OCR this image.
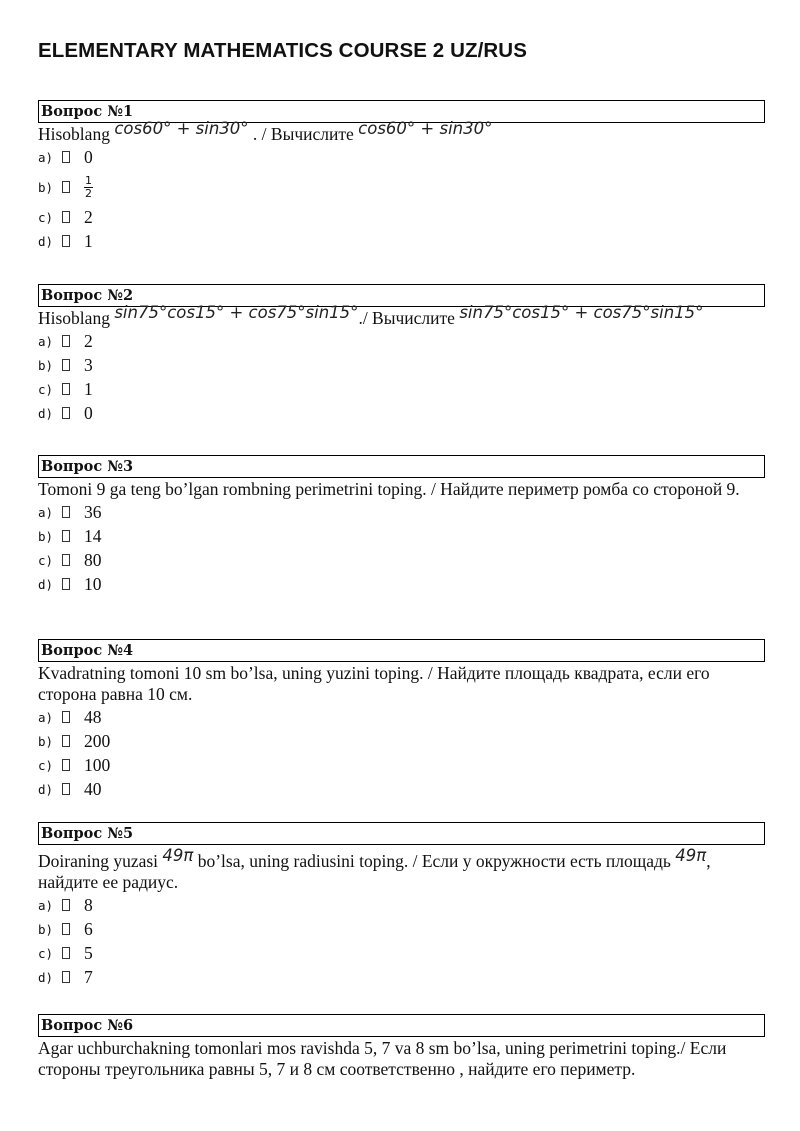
ELEMENTARY MATHEMATICS COURSE 2 UZ/RUS
Вопрос №1
Hisoblang cos60° + sin30° . / Вычислите cos60° + sin30°
a)	0
b)	$\frac{1}{2}$
c)	2
d)	1
Вопрос №2
Hisoblang sin75°cos15° + cos75°sin15°./ Вычислите sin75°cos15° + cos75°sin15°
a)	2
b)	3
c)	1
d)	0
Вопрос №3
Tomoni 9 ga teng bo’lgan rombning perimetrini toping. / Найдите периметр ромба со стороной 9.
a)	36
b)	14
c)	80
d)	10
Вопрос №4
Kvadratning tomoni 10 sm bo’lsa, uning yuzini toping. / Найдите площадь квадрата, если его сторона равна 10 см.
a)	48
b)	200
c)	100
d)	40
Вопрос №5
Doiraning yuzasi 49π bo’lsa, uning radiusini toping. / Если у окружности есть площадь 49π, найдите ее радиус.
a)	8
b)	6
c)	5
d)	7
Вопрос №6
Agar uchburchakning tomonlari mos ravishda 5, 7 va 8 sm bo’lsa, uning perimetrini toping./ Если стороны треугольника равны 5, 7 и 8 см соответственно , найдите его периметр.
